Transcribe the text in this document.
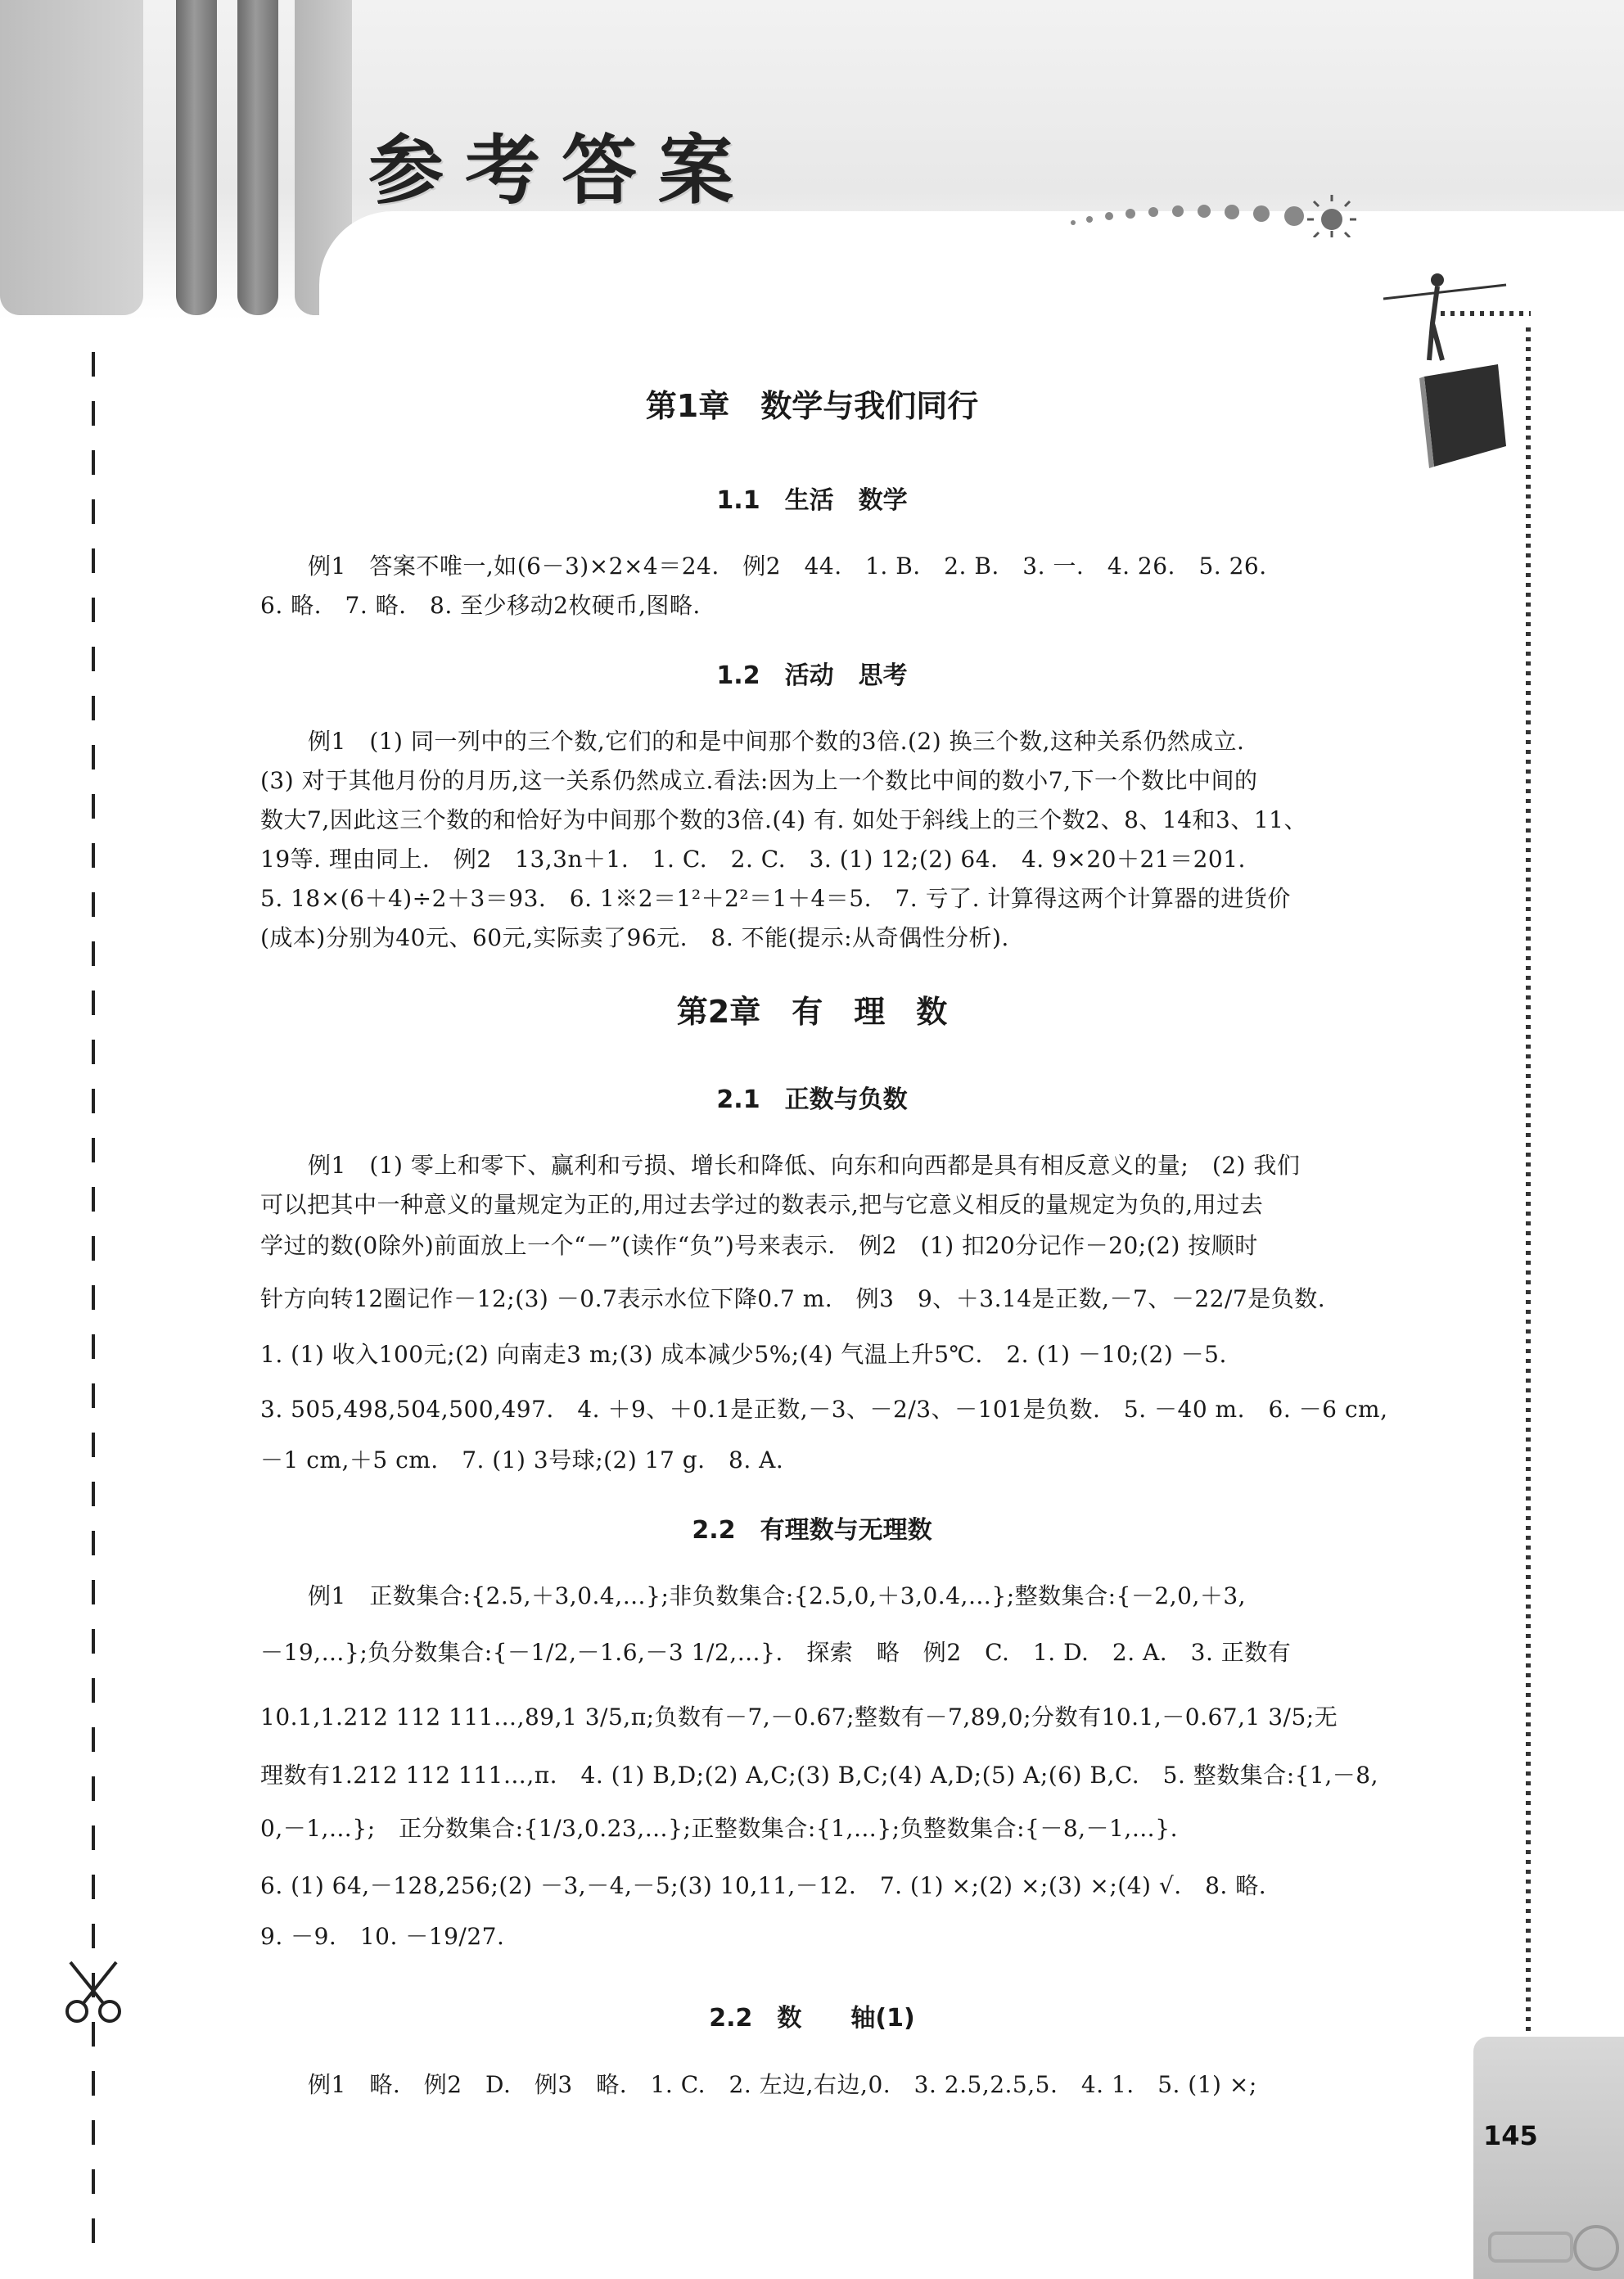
参考答案
第1章　数学与我们同行
1.1　生活　数学
例1　答案不唯一,如(6－3)×2×4＝24.　例2　44.　1. B.　2. B.　3. 一.　4. 26.　5. 26.
6. 略.　7. 略.　8. 至少移动2枚硬币,图略.
1.2　活动　思考
例1　(1) 同一列中的三个数,它们的和是中间那个数的3倍.(2) 换三个数,这种关系仍然成立.
(3) 对于其他月份的月历,这一关系仍然成立.看法:因为上一个数比中间的数小7,下一个数比中间的
数大7,因此这三个数的和恰好为中间那个数的3倍.(4) 有. 如处于斜线上的三个数2、8、14和3、11、
19等. 理由同上.　例2　13,3n＋1.　1. C.　2. C.　3. (1) 12;(2) 64.　4. 9×20＋21＝201.
5. 18×(6＋4)÷2＋3＝93.　6. 1※2＝1²＋2²＝1＋4＝5.　7. 亏了. 计算得这两个计算器的进货价
(成本)分别为40元、60元,实际卖了96元.　8. 不能(提示:从奇偶性分析).
第2章　有　理　数
2.1　正数与负数
例1　(1) 零上和零下、赢利和亏损、增长和降低、向东和向西都是具有相反意义的量;　(2) 我们
可以把其中一种意义的量规定为正的,用过去学过的数表示,把与它意义相反的量规定为负的,用过去
学过的数(0除外)前面放上一个“－”(读作“负”)号来表示.　例2　(1) 扣20分记作－20;(2) 按顺时
针方向转12圈记作－12;(3) －0.7表示水位下降0.7 m.　例3　9、＋3.14是正数,－7、－22/7是负数.
1. (1) 收入100元;(2) 向南走3 m;(3) 成本减少5%;(4) 气温上升5℃.　2. (1) －10;(2) －5.
3. 505,498,504,500,497.　4. ＋9、＋0.1是正数,－3、－2/3、－101是负数.　5. －40 m.　6. －6 cm,
－1 cm,＋5 cm.　7. (1) 3号球;(2) 17 g.　8. A.
2.2　有理数与无理数
例1　正数集合:{2.5,＋3,0.4,…};非负数集合:{2.5,0,＋3,0.4,…};整数集合:{－2,0,＋3,
－19,…};负分数集合:{－1/2,－1.6,－3 1/2,…}.　探索　略　例2　C.　1. D.　2. A.　3. 正数有
10.1,1.212 112 111…,89,1 3/5,π;负数有－7,－0.67;整数有－7,89,0;分数有10.1,－0.67,1 3/5;无
理数有1.212 112 111…,π.　4. (1) B,D;(2) A,C;(3) B,C;(4) A,D;(5) A;(6) B,C.　5. 整数集合:{1,－8,
0,－1,…};　正分数集合:{1/3,0.23,…};正整数集合:{1,…};负整数集合:{－8,－1,…}.
6. (1) 64,－128,256;(2) －3,－4,－5;(3) 10,11,－12.　7. (1) ×;(2) ×;(3) ×;(4) √.　8. 略.
9. －9.　10. －19/27.
2.2　数　　轴(1)
例1　略.　例2　D.　例3　略.　1. C.　2. 左边,右边,0.　3. 2.5,2.5,5.　4. 1.　5. (1) ×;
145
